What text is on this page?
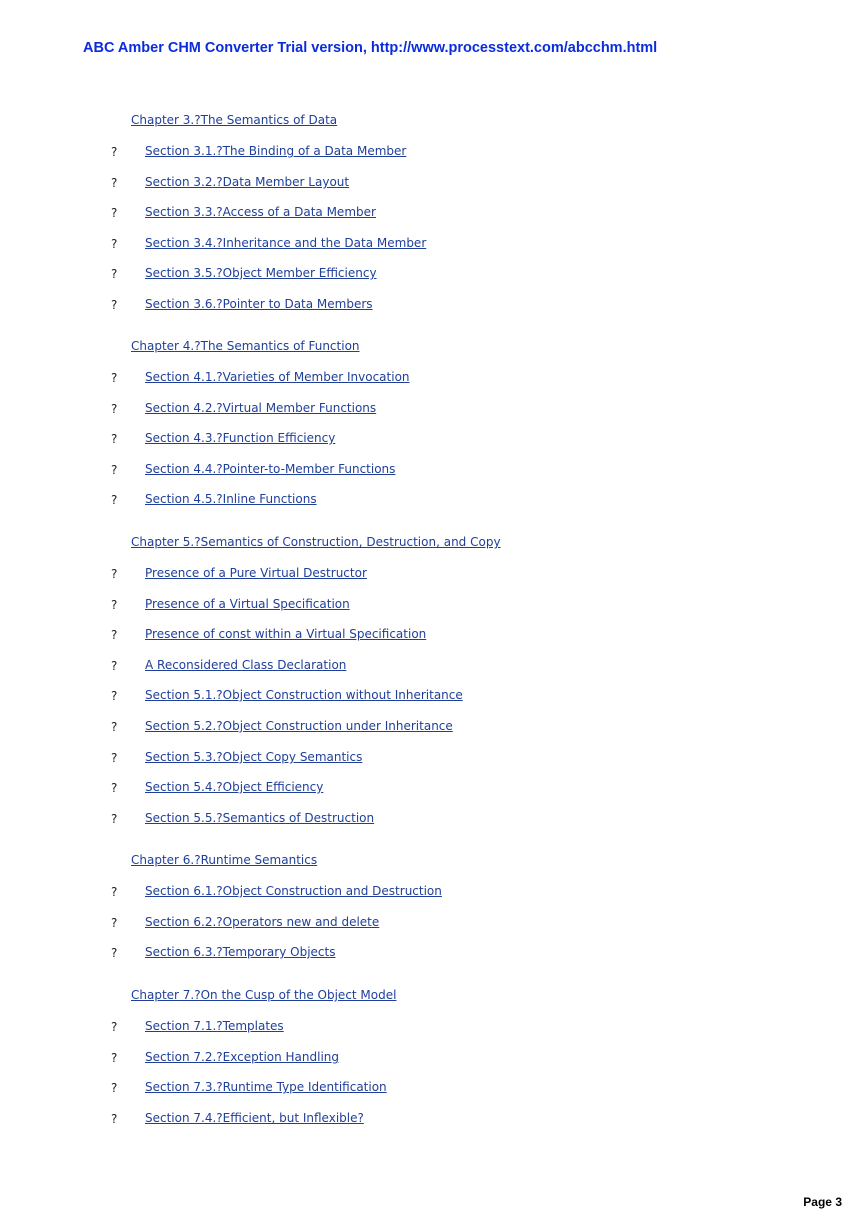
ABC Amber CHM Converter Trial version, http://www.processtext.com/abcchm.html
Chapter 3.?The Semantics of Data
? Section 3.1.?The Binding of a Data Member
? Section 3.2.?Data Member Layout
? Section 3.3.?Access of a Data Member
? Section 3.4.?Inheritance and the Data Member
? Section 3.5.?Object Member Efficiency
? Section 3.6.?Pointer to Data Members
Chapter 4.?The Semantics of Function
? Section 4.1.?Varieties of Member Invocation
? Section 4.2.?Virtual Member Functions
? Section 4.3.?Function Efficiency
? Section 4.4.?Pointer-to-Member Functions
? Section 4.5.?Inline Functions
Chapter 5.?Semantics of Construction, Destruction, and Copy
? Presence of a Pure Virtual Destructor
? Presence of a Virtual Specification
? Presence of const within a Virtual Specification
? A Reconsidered Class Declaration
? Section 5.1.?Object Construction without Inheritance
? Section 5.2.?Object Construction under Inheritance
? Section 5.3.?Object Copy Semantics
? Section 5.4.?Object Efficiency
? Section 5.5.?Semantics of Destruction
Chapter 6.?Runtime Semantics
? Section 6.1.?Object Construction and Destruction
? Section 6.2.?Operators new and delete
? Section 6.3.?Temporary Objects
Chapter 7.?On the Cusp of the Object Model
? Section 7.1.?Templates
? Section 7.2.?Exception Handling
? Section 7.3.?Runtime Type Identification
? Section 7.4.?Efficient, but Inflexible?
Page 3
